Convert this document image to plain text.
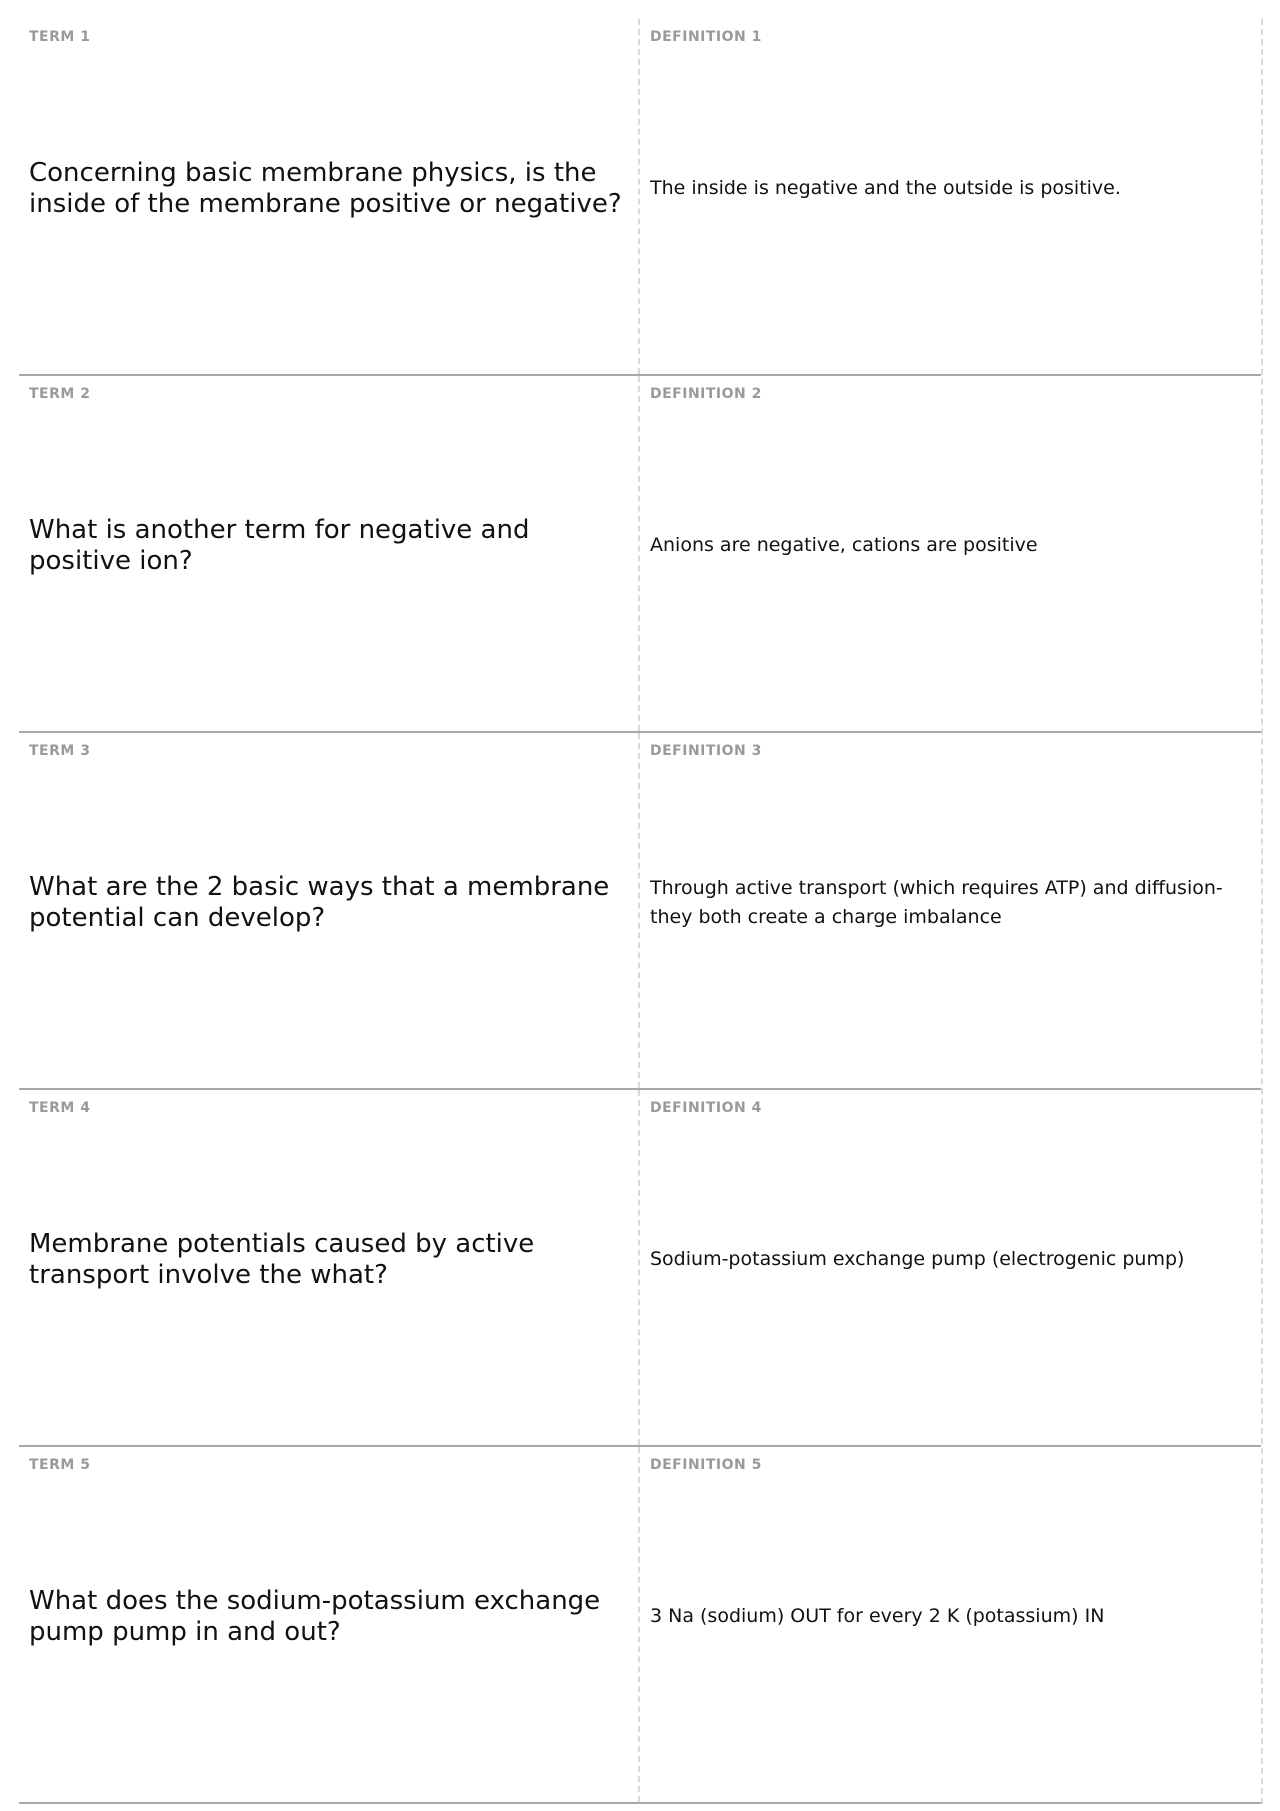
TERM 1
Concerning basic membrane physics, is the inside of the membrane positive or negative?
DEFINITION 1
The inside is negative and the outside is positive.
TERM 2
What is another term for negative and positive ion?
DEFINITION 2
Anions are negative, cations are positive
TERM 3
What are the 2 basic ways that a membrane potential can develop?
DEFINITION 3
Through active transport (which requires ATP) and diffusion- they both create a charge imbalance
TERM 4
Membrane potentials caused by active transport involve the what?
DEFINITION 4
Sodium-potassium exchange pump (electrogenic pump)
TERM 5
What does the sodium-potassium exchange pump pump in and out?
DEFINITION 5
3 Na (sodium) OUT for every 2 K (potassium) IN
